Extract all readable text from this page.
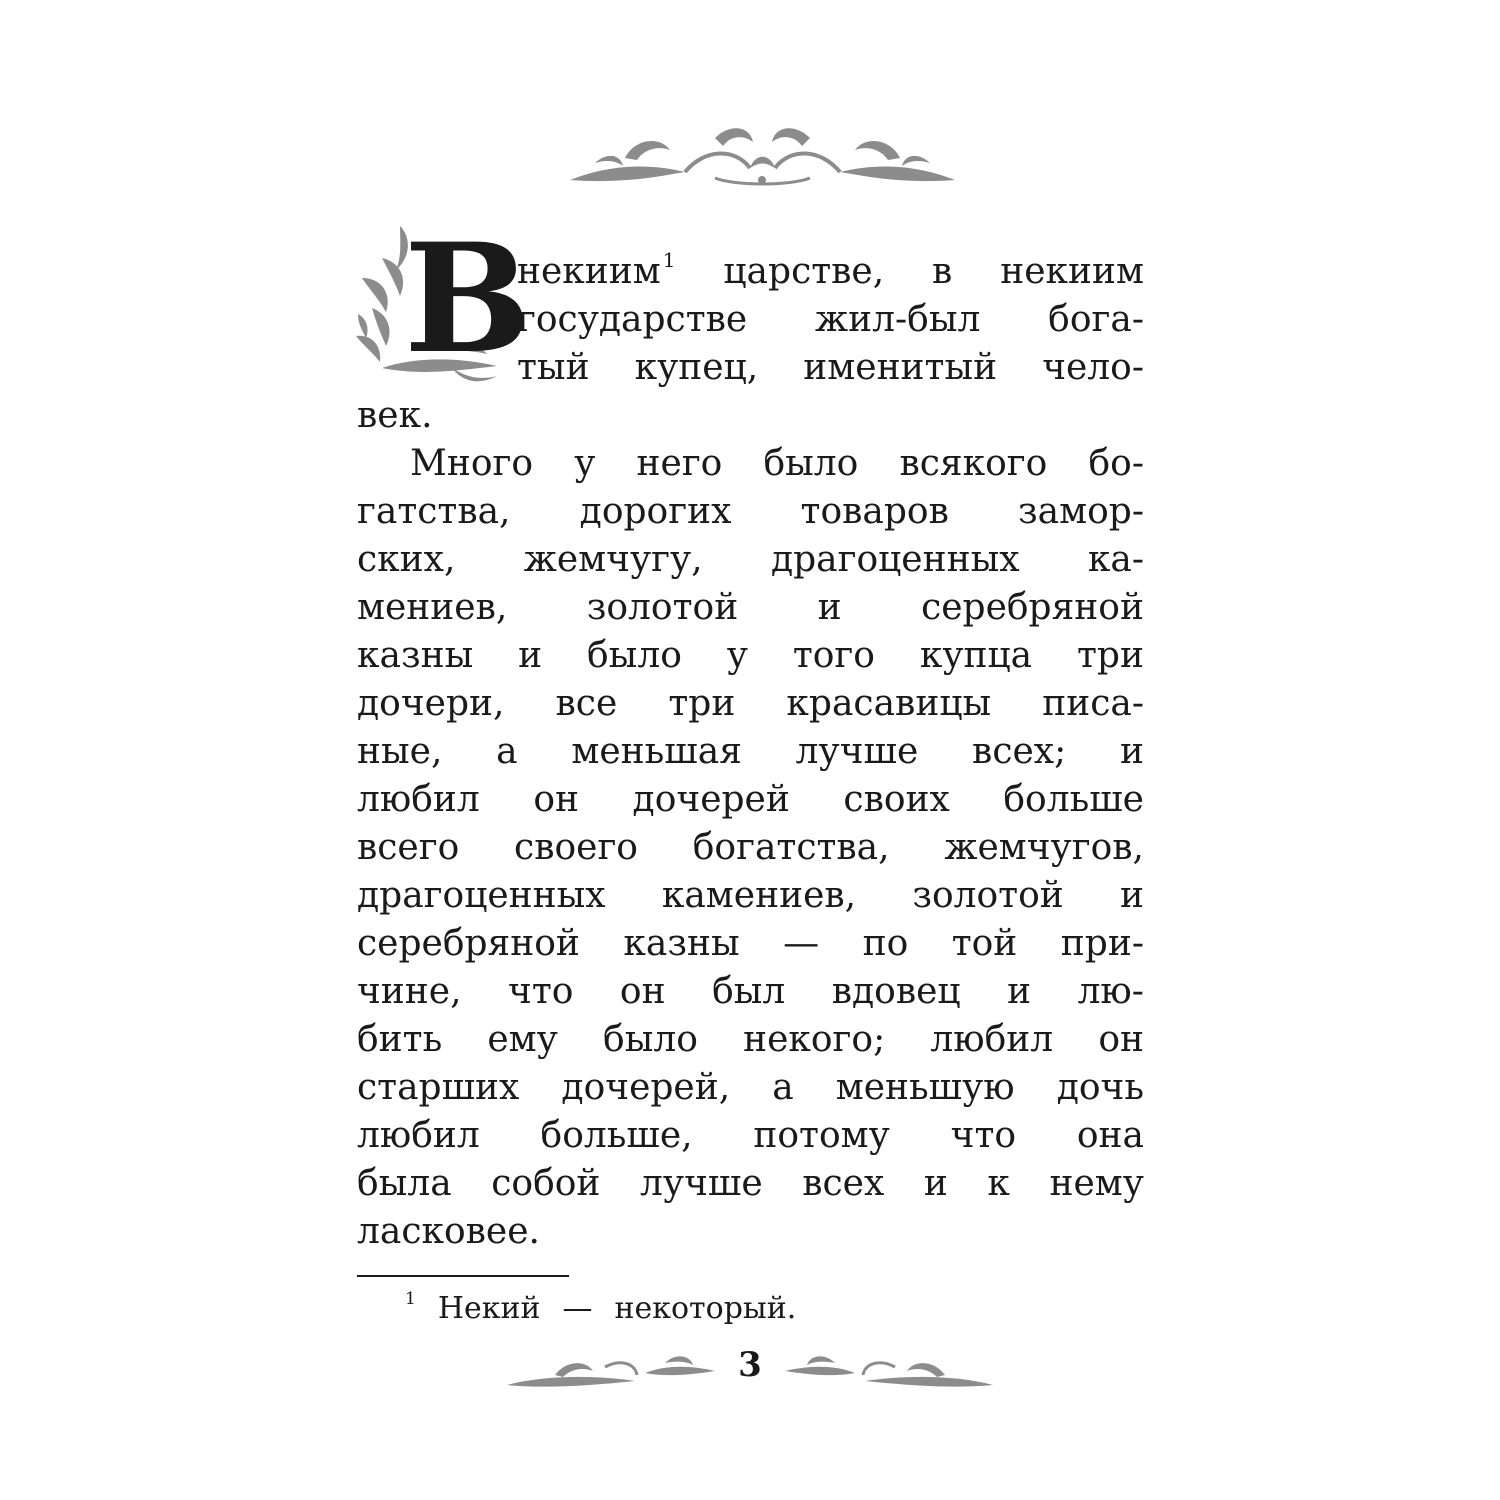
В
некиим $^1$ царстве, в некиим
государстве жил-был бога-
тый купец, именитый чело-
век.
Много у него было всякого бо-
гатства, дорогих товаров замор-
ских, жемчугу, драгоценных ка-
мениев, золотой и серебряной
казны и было у того купца три
дочери, все три красавицы писа-
ные, а меньшая лучше всех; и
любил он дочерей своих больше
всего своего богатства, жемчугов,
драгоценных камениев, золотой и
серебряной казны — по той при-
чине, что он был вдовец и лю-
бить ему было некого; любил он
старших дочерей, а меньшую дочь
любил больше, потому что она
была собой лучше всех и к нему
ласковее.
$^1$ Некий — некоторый.
3
